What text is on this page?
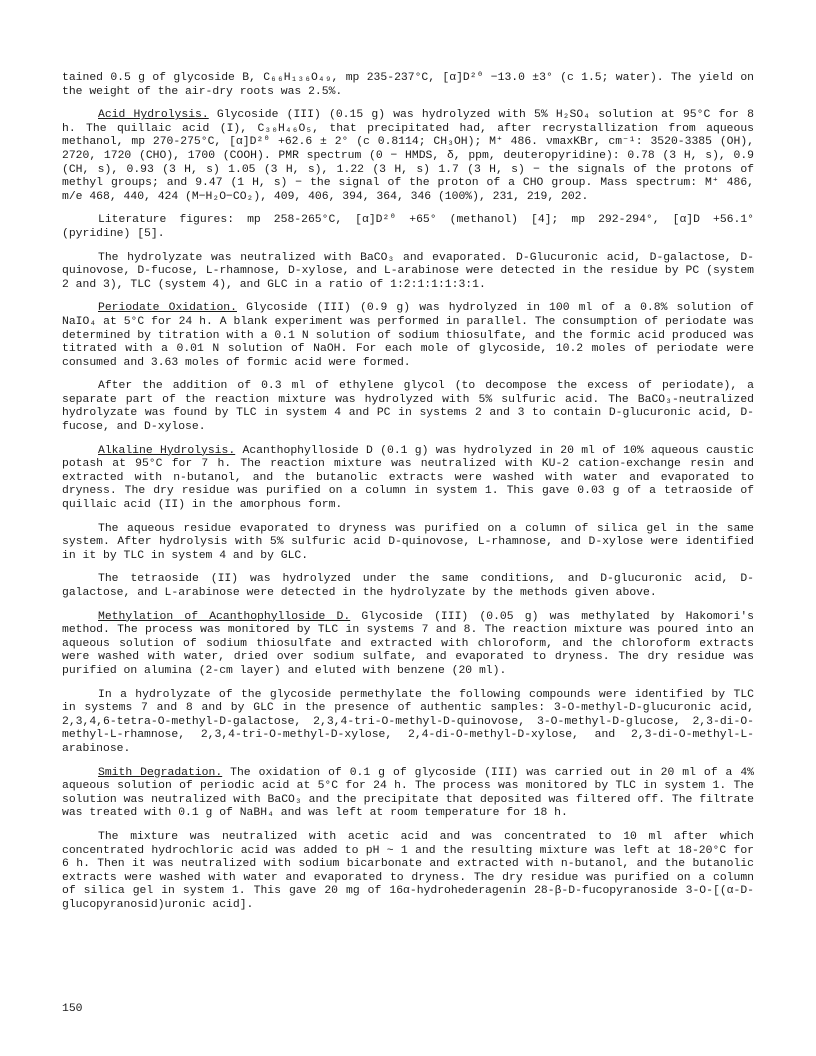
tained 0.5 g of glycoside B, C₆₆H₁₃₆O₄₉, mp 235-237°C, [α]D²⁰ −13.0 ±3° (c 1.5; water). The yield on the weight of the air-dry roots was 2.5%.

Acid Hydrolysis. Glycoside (III) (0.15 g) was hydrolyzed with 5% H₂SO₄ solution at 95°C for 8 h. The quillaic acid (I), C₃₀H₄₆O₅, that precipitated had, after recrystallization from aqueous methanol, mp 270-275°C, [α]D²⁰ +62.6 ± 2° (c 0.8114; CH₃OH); M⁺ 486. νmaxKBr, cm⁻¹: 3520-3385 (OH), 2720, 1720 (CHO), 1700 (COOH). PMR spectrum (0 − HMDS, δ, ppm, deuteropyridine): 0.78 (3 H, s), 0.9 (CH, s), 0.93 (3 H, s) 1.05 (3 H, s), 1.22 (3 H, s) 1.7 (3 H, s) − the signals of the protons of methyl groups; and 9.47 (1 H, s) − the signal of the proton of a CHO group. Mass spectrum: M⁺ 486, m/e 468, 440, 424 (M−H₂O−CO₂), 409, 406, 394, 364, 346 (100%), 231, 219, 202.

Literature figures: mp 258-265°C, [α]D²⁰ +65° (methanol) [4]; mp 292-294°, [α]D +56.1° (pyridine) [5].

The hydrolyzate was neutralized with BaCO₃ and evaporated. D-Glucuronic acid, D-galactose, D-quinovose, D-fucose, L-rhamnose, D-xylose, and L-arabinose were detected in the residue by PC (system 2 and 3), TLC (system 4), and GLC in a ratio of 1:2:1:1:1:3:1.

Periodate Oxidation. Glycoside (III) (0.9 g) was hydrolyzed in 100 ml of a 0.8% solution of NaIO₄ at 5°C for 24 h. A blank experiment was performed in parallel. The consumption of periodate was determined by titration with a 0.1 N solution of sodium thiosulfate, and the formic acid produced was titrated with a 0.01 N solution of NaOH. For each mole of glycoside, 10.2 moles of periodate were consumed and 3.63 moles of formic acid were formed.

After the addition of 0.3 ml of ethylene glycol (to decompose the excess of periodate), a separate part of the reaction mixture was hydrolyzed with 5% sulfuric acid. The BaCO₃-neutralized hydrolyzate was found by TLC in system 4 and PC in systems 2 and 3 to contain D-glucuronic acid, D-fucose, and D-xylose.

Alkaline Hydrolysis. Acanthophylloside D (0.1 g) was hydrolyzed in 20 ml of 10% aqueous caustic potash at 95°C for 7 h. The reaction mixture was neutralized with KU-2 cation-exchange resin and extracted with n-butanol, and the butanolic extracts were washed with water and evaporated to dryness. The dry residue was purified on a column in system 1. This gave 0.03 g of a tetraoside of quillaic acid (II) in the amorphous form.

The aqueous residue evaporated to dryness was purified on a column of silica gel in the same system. After hydrolysis with 5% sulfuric acid D-quinovose, L-rhamnose, and D-xylose were identified in it by TLC in system 4 and by GLC.

The tetraoside (II) was hydrolyzed under the same conditions, and D-glucuronic acid, D-galactose, and L-arabinose were detected in the hydrolyzate by the methods given above.

Methylation of Acanthophylloside D. Glycoside (III) (0.05 g) was methylated by Hakomori's method. The process was monitored by TLC in systems 7 and 8. The reaction mixture was poured into an aqueous solution of sodium thiosulfate and extracted with chloroform, and the chloroform extracts were washed with water, dried over sodium sulfate, and evaporated to dryness. The dry residue was purified on alumina (2-cm layer) and eluted with benzene (20 ml).

In a hydrolyzate of the glycoside permethylate the following compounds were identified by TLC in systems 7 and 8 and by GLC in the presence of authentic samples: 3-O-methyl-D-glucuronic acid, 2,3,4,6-tetra-O-methyl-D-galactose, 2,3,4-tri-O-methyl-D-quinovose, 3-O-methyl-D-glucose, 2,3-di-O-methyl-L-rhamnose, 2,3,4-tri-O-methyl-D-xylose, 2,4-di-O-methyl-D-xylose, and 2,3-di-O-methyl-L-arabinose.

Smith Degradation. The oxidation of 0.1 g of glycoside (III) was carried out in 20 ml of a 4% aqueous solution of periodic acid at 5°C for 24 h. The process was monitored by TLC in system 1. The solution was neutralized with BaCO₃ and the precipitate that deposited was filtered off. The filtrate was treated with 0.1 g of NaBH₄ and was left at room temperature for 18 h.

The mixture was neutralized with acetic acid and was concentrated to 10 ml after which concentrated hydrochloric acid was added to pH ~ 1 and the resulting mixture was left at 18-20°C for 6 h. Then it was neutralized with sodium bicarbonate and extracted with n-butanol, and the butanolic extracts were washed with water and evaporated to dryness. The dry residue was purified on a column of silica gel in system 1. This gave 20 mg of 16α-hydrohederagenin 28-β-D-fucopyranoside 3-O-[(α-D-glucopyranosid)uronic acid].

150
